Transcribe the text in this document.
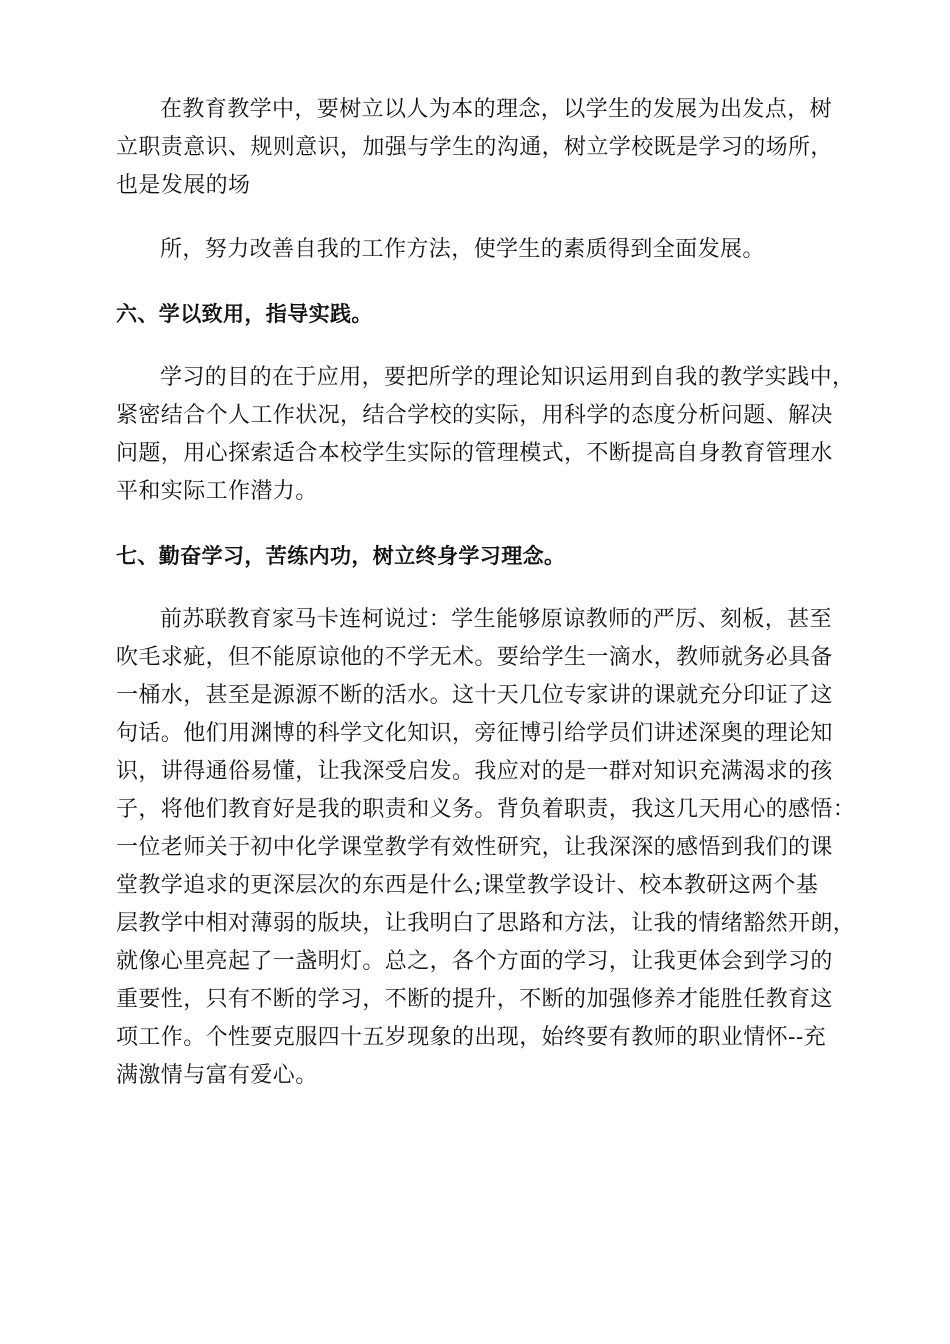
在教育教学中，要树立以人为本的理念，以学生的发展为出发点，树
立职责意识、规则意识，加强与学生的沟通，树立学校既是学习的场所，
也是发展的场
所，努力改善自我的工作方法，使学生的素质得到全面发展。
六、学以致用，指导实践。
学习的目的在于应用，要把所学的理论知识运用到自我的教学实践中，
紧密结合个人工作状况，结合学校的实际，用科学的态度分析问题、解决
问题，用心探索适合本校学生实际的管理模式，不断提高自身教育管理水
平和实际工作潜力。
七、勤奋学习，苦练内功，树立终身学习理念。
前苏联教育家马卡连柯说过：学生能够原谅教师的严厉、刻板，甚至
吹毛求疵，但不能原谅他的不学无术。要给学生一滴水，教师就务必具备
一桶水，甚至是源源不断的活水。这十天几位专家讲的课就充分印证了这
句话。他们用渊博的科学文化知识，旁征博引给学员们讲述深奥的理论知
识，讲得通俗易懂，让我深受启发。我应对的是一群对知识充满渴求的孩
子，将他们教育好是我的职责和义务。背负着职责，我这几天用心的感悟：
一位老师关于初中化学课堂教学有效性研究，让我深深的感悟到我们的课
堂教学追求的更深层次的东西是什么;课堂教学设计、校本教研这两个基
层教学中相对薄弱的版块，让我明白了思路和方法，让我的情绪豁然开朗，
就像心里亮起了一盏明灯。总之，各个方面的学习，让我更体会到学习的
重要性，只有不断的学习，不断的提升，不断的加强修养才能胜任教育这
项工作。个性要克服四十五岁现象的出现，始终要有教师的职业情怀--充
满激情与富有爱心。
